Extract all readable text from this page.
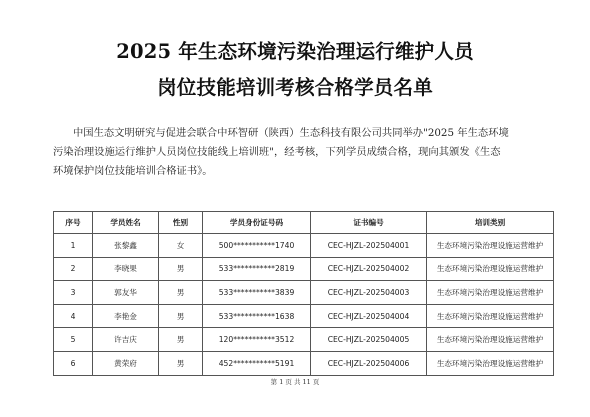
2025 年生态环境污染治理运行维护人员
岗位技能培训考核合格学员名单
中国生态文明研究与促进会联合中环智研（陕西）生态科技有限公司共同举办"2025 年生态环境
污染治理设施运行维护人员岗位技能线上培训班"，经考核，下列学员成绩合格，现向其颁发《生态
环境保护岗位技能培训合格证书》。
序号	学员姓名	性别	学员身份证号码	证书编号	培训类别
1	张黎鑫	女	500***********1740	CEC-HJZL-202504001	生态环境污染治理设施运营维护
2	李晓果	男	533***********2819	CEC-HJZL-202504002	生态环境污染治理设施运营维护
3	郭友华	男	533***********3839	CEC-HJZL-202504003	生态环境污染治理设施运营维护
4	李艳金	男	533***********1638	CEC-HJZL-202504004	生态环境污染治理设施运营维护
5	许吉庆	男	120***********3512	CEC-HJZL-202504005	生态环境污染治理设施运营维护
6	黄荣府	男	452***********5191	CEC-HJZL-202504006	生态环境污染治理设施运营维护
第 1 页 共 11 页
